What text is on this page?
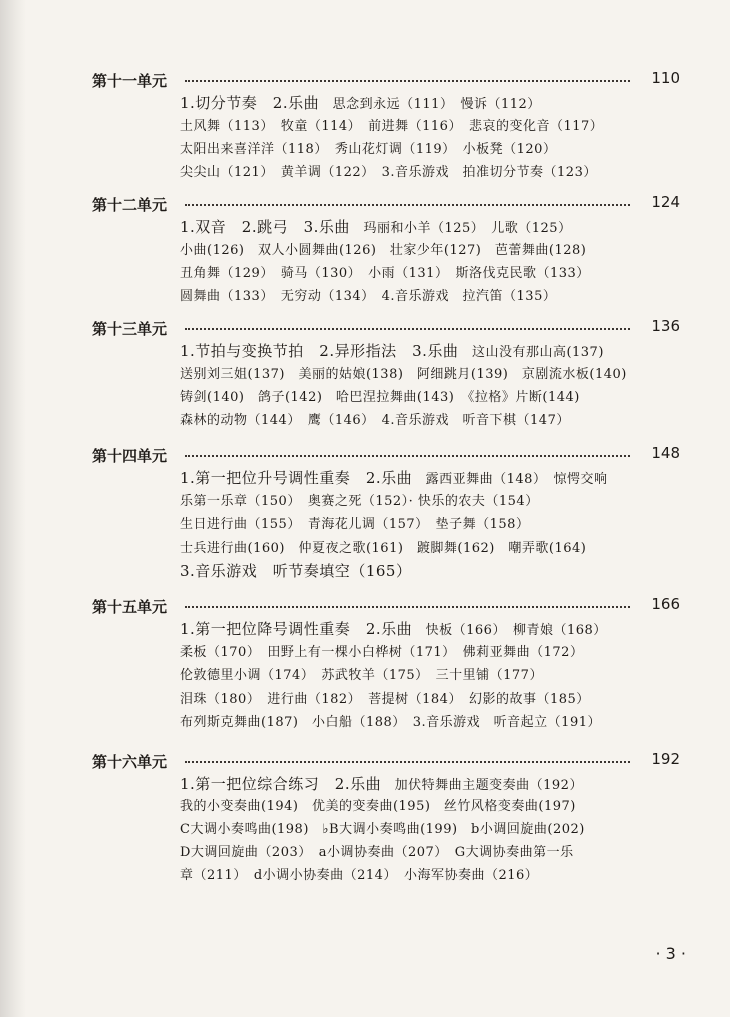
第十一单元	110
1.切分节奏　2.乐曲　思念到永远（111）　慢诉（112）
土风舞（113）　牧童（114）　前进舞（116）　悲哀的变化音（117）
太阳出来喜洋洋（118）　秀山花灯调（119）　小板凳（120）
尖尖山（121）　黄羊调（122）　3.音乐游戏　拍准切分节奏（123）
第十二单元	124
1.双音　2.跳弓　3.乐曲　玛丽和小羊（125）　儿歌（125）
小曲(126)　双人小圆舞曲(126)　壮家少年(127)　芭蕾舞曲(128)
丑角舞（129）　骑马（130）　小雨（131）　斯洛伐克民歌（133）
圆舞曲（133）　无穷动（134）　4.音乐游戏　拉汽笛（135）
第十三单元	136
1.节拍与变换节拍　2.异形指法　3.乐曲　这山没有那山高(137)
送别刘三姐(137)　美丽的姑娘(138)　阿细跳月(139)　京剧流水板(140)
铸剑(140)　鸽子(142)　哈巴涅拉舞曲(143)　《拉格》片断(144)
森林的动物（144）　鹰（146）　4.音乐游戏　听音下棋（147）
第十四单元	148
1.第一把位升号调性重奏　2.乐曲　露西亚舞曲（148）　惊愕交响
乐第一乐章（150）　奥赛之死（152）· 快乐的农夫（154）
生日进行曲（155）　青海花儿调（157）　垫子舞（158）
士兵进行曲(160)　仲夏夜之歌(161)　踱脚舞(162)　嘲弄歌(164)
3.音乐游戏　听节奏填空（165）
第十五单元	166
1.第一把位降号调性重奏　2.乐曲　快板（166）　柳青娘（168）
柔板（170）　田野上有一棵小白桦树（171）　佛莉亚舞曲（172）
伦敦德里小调（174）　苏武牧羊（175）　三十里铺（177）
泪珠（180）　进行曲（182）　菩提树（184）　幻影的故事（185）
布列斯克舞曲(187)　小白船（188）　3.音乐游戏　听音起立（191）
第十六单元	192
1.第一把位综合练习　2.乐曲　加伏特舞曲主题变奏曲（192）
我的小变奏曲(194)　优美的变奏曲(195)　丝竹风格变奏曲(197)
C大调小奏鸣曲(198)　♭B大调小奏鸣曲(199)　b小调回旋曲(202)
D大调回旋曲（203）　a小调协奏曲（207）　G大调协奏曲第一乐
章（211）　d小调小协奏曲（214）　小海军协奏曲（216）
· 3 ·
